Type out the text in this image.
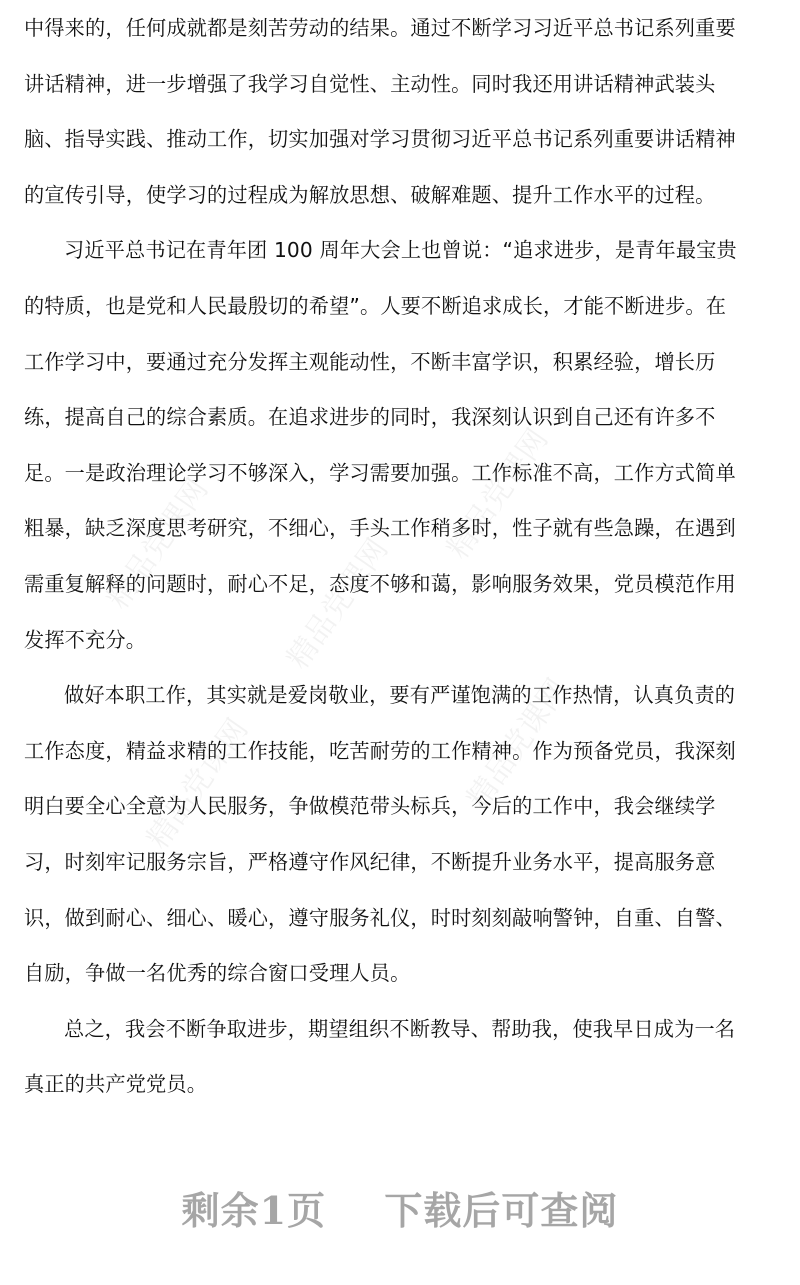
精品党课网	精品党课网
精品党课网
精品党课网	精品党课网
中得来的，任何成就都是刻苦劳动的结果。通过不断学习习近平总书记系列重要
讲话精神，进一步增强了我学习自觉性、主动性。同时我还用讲话精神武装头
脑、指导实践、推动工作，切实加强对学习贯彻习近平总书记系列重要讲话精神
的宣传引导，使学习的过程成为解放思想、破解难题、提升工作水平的过程。
习近平总书记在青年团 100 周年大会上也曾说：“追求进步，是青年最宝贵
的特质，也是党和人民最殷切的希望”。人要不断追求成长，才能不断进步。在
工作学习中，要通过充分发挥主观能动性，不断丰富学识，积累经验，增长历
练，提高自己的综合素质。在追求进步的同时，我深刻认识到自己还有许多不
足。一是政治理论学习不够深入，学习需要加强。工作标准不高，工作方式简单
粗暴，缺乏深度思考研究，不细心，手头工作稍多时，性子就有些急躁，在遇到
需重复解释的问题时，耐心不足，态度不够和蔼，影响服务效果，党员模范作用
发挥不充分。
做好本职工作，其实就是爱岗敬业，要有严谨饱满的工作热情，认真负责的
工作态度，精益求精的工作技能，吃苦耐劳的工作精神。作为预备党员，我深刻
明白要全心全意为人民服务，争做模范带头标兵，今后的工作中，我会继续学
习，时刻牢记服务宗旨，严格遵守作风纪律，不断提升业务水平，提高服务意
识，做到耐心、细心、暖心，遵守服务礼仪，时时刻刻敲响警钟，自重、自警、
自励，争做一名优秀的综合窗口受理人员。
总之，我会不断争取进步，期望组织不断教导、帮助我，使我早日成为一名
真正的共产党党员。
剩余1页 下载后可查阅
